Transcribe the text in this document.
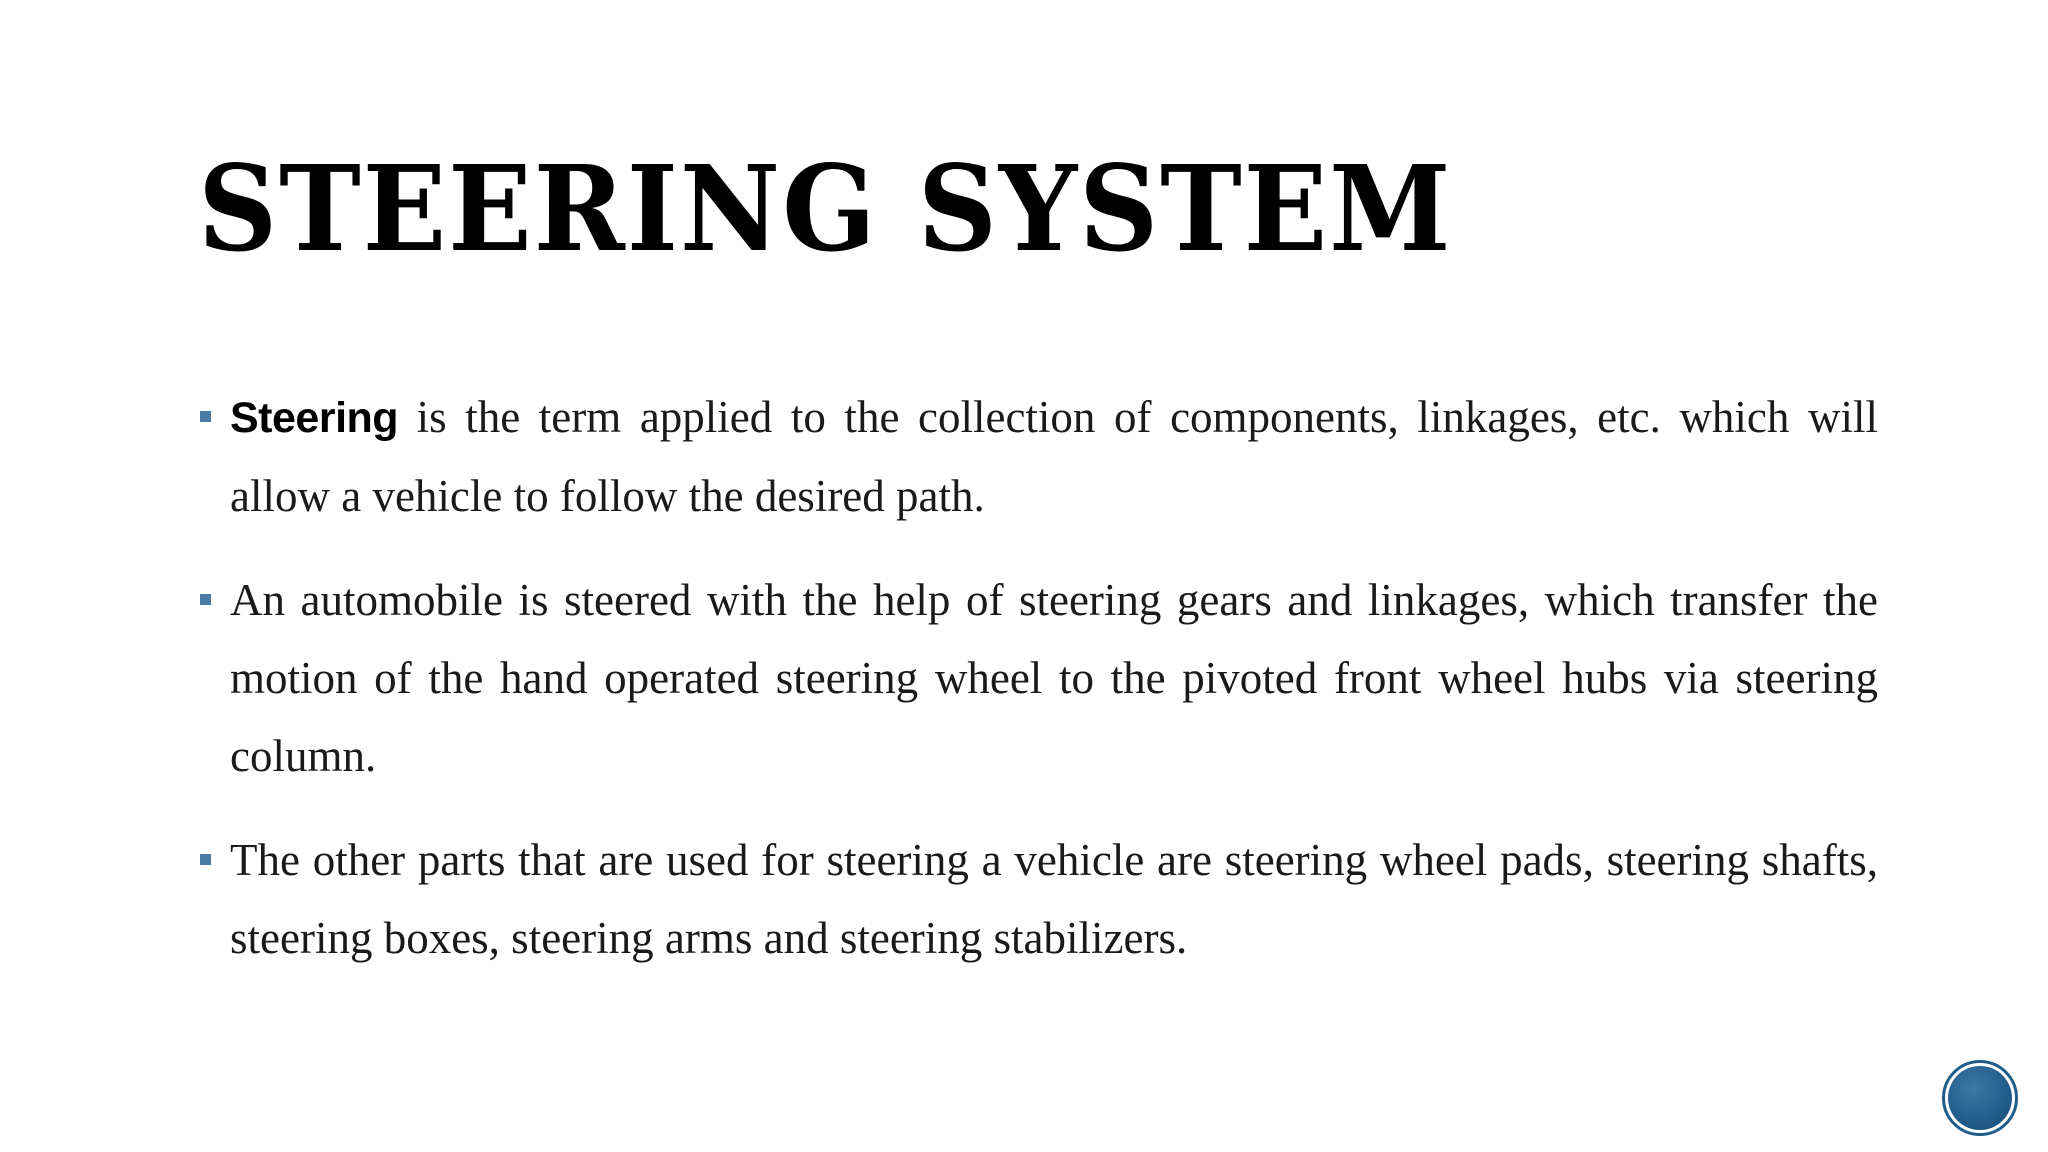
STEERING SYSTEM
Steering is the term applied to the collection of components, linkages, etc. which will allow a vehicle to follow the desired path.
An automobile is steered with the help of steering gears and linkages, which transfer the motion of the hand operated steering wheel to the pivoted front wheel hubs via steering column.
The other parts that are used for steering a vehicle are steering wheel pads, steering shafts, steering boxes, steering arms and steering stabilizers.
